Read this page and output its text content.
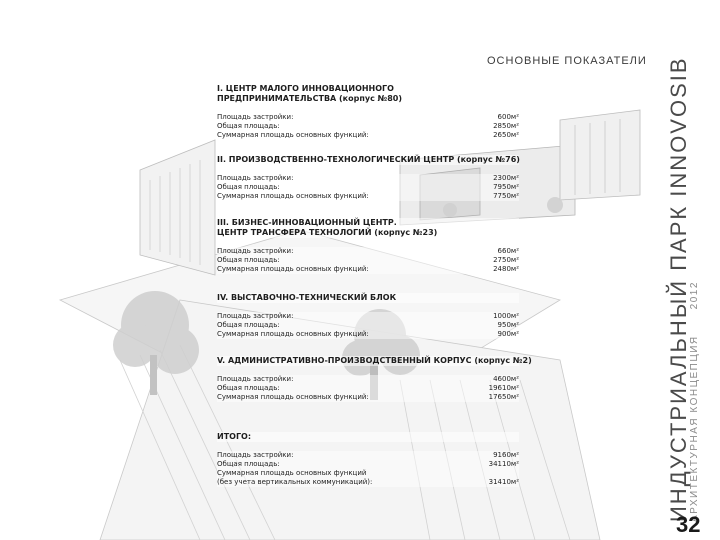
ОСНОВНЫЕ ПОКАЗАТЕЛИ
I. ЦЕНТР МАЛОГО ИННОВАЦИОННОГО
ПРЕДПРИНИМАТЕЛЬСТВА (корпус №80)
Площадь застройки:	600м²
Общая площадь:	2850м²
Суммарная площадь основных функций:	2650м²
II. ПРОИЗВОДСТВЕННО-ТЕХНОЛОГИЧЕСКИЙ ЦЕНТР (корпус №76)
Площадь застройки:	2300м²
Общая площадь:	7950м²
Суммарная площадь основных функций:	7750м²
III. БИЗНЕС-ИННОВАЦИОННЫЙ ЦЕНТР.
ЦЕНТР ТРАНСФЕРА ТЕХНОЛОГИЙ (корпус №23)
Площадь застройки:	660м²
Общая площадь:	2750м²
Суммарная площадь основных функций:	2480м²
IV. ВЫСТАВОЧНО-ТЕХНИЧЕСКИЙ БЛОК
Площадь застройки:	1000м²
Общая площадь:	950м²
Суммарная площадь основных функций:	900м²
V. АДМИНИСТРАТИВНО-ПРОИЗВОДСТВЕННЫЙ КОРПУС (корпус №2)
Площадь застройки:	4600м²
Общая площадь:	19610м²
Суммарная площадь основных функций:	17650м²
ИТОГО:
Площадь застройки:	9160м²
Общая площадь:	34110м²
Суммарная площадь основных функций
(без учета вертикальных коммуникаций):	31410м²	ИНДУСТРИАЛЬНЫЙ ПАРК INNOVOSIB
АРХИТЕКТУРНАЯ КОНЦЕПЦИЯ2012
32
